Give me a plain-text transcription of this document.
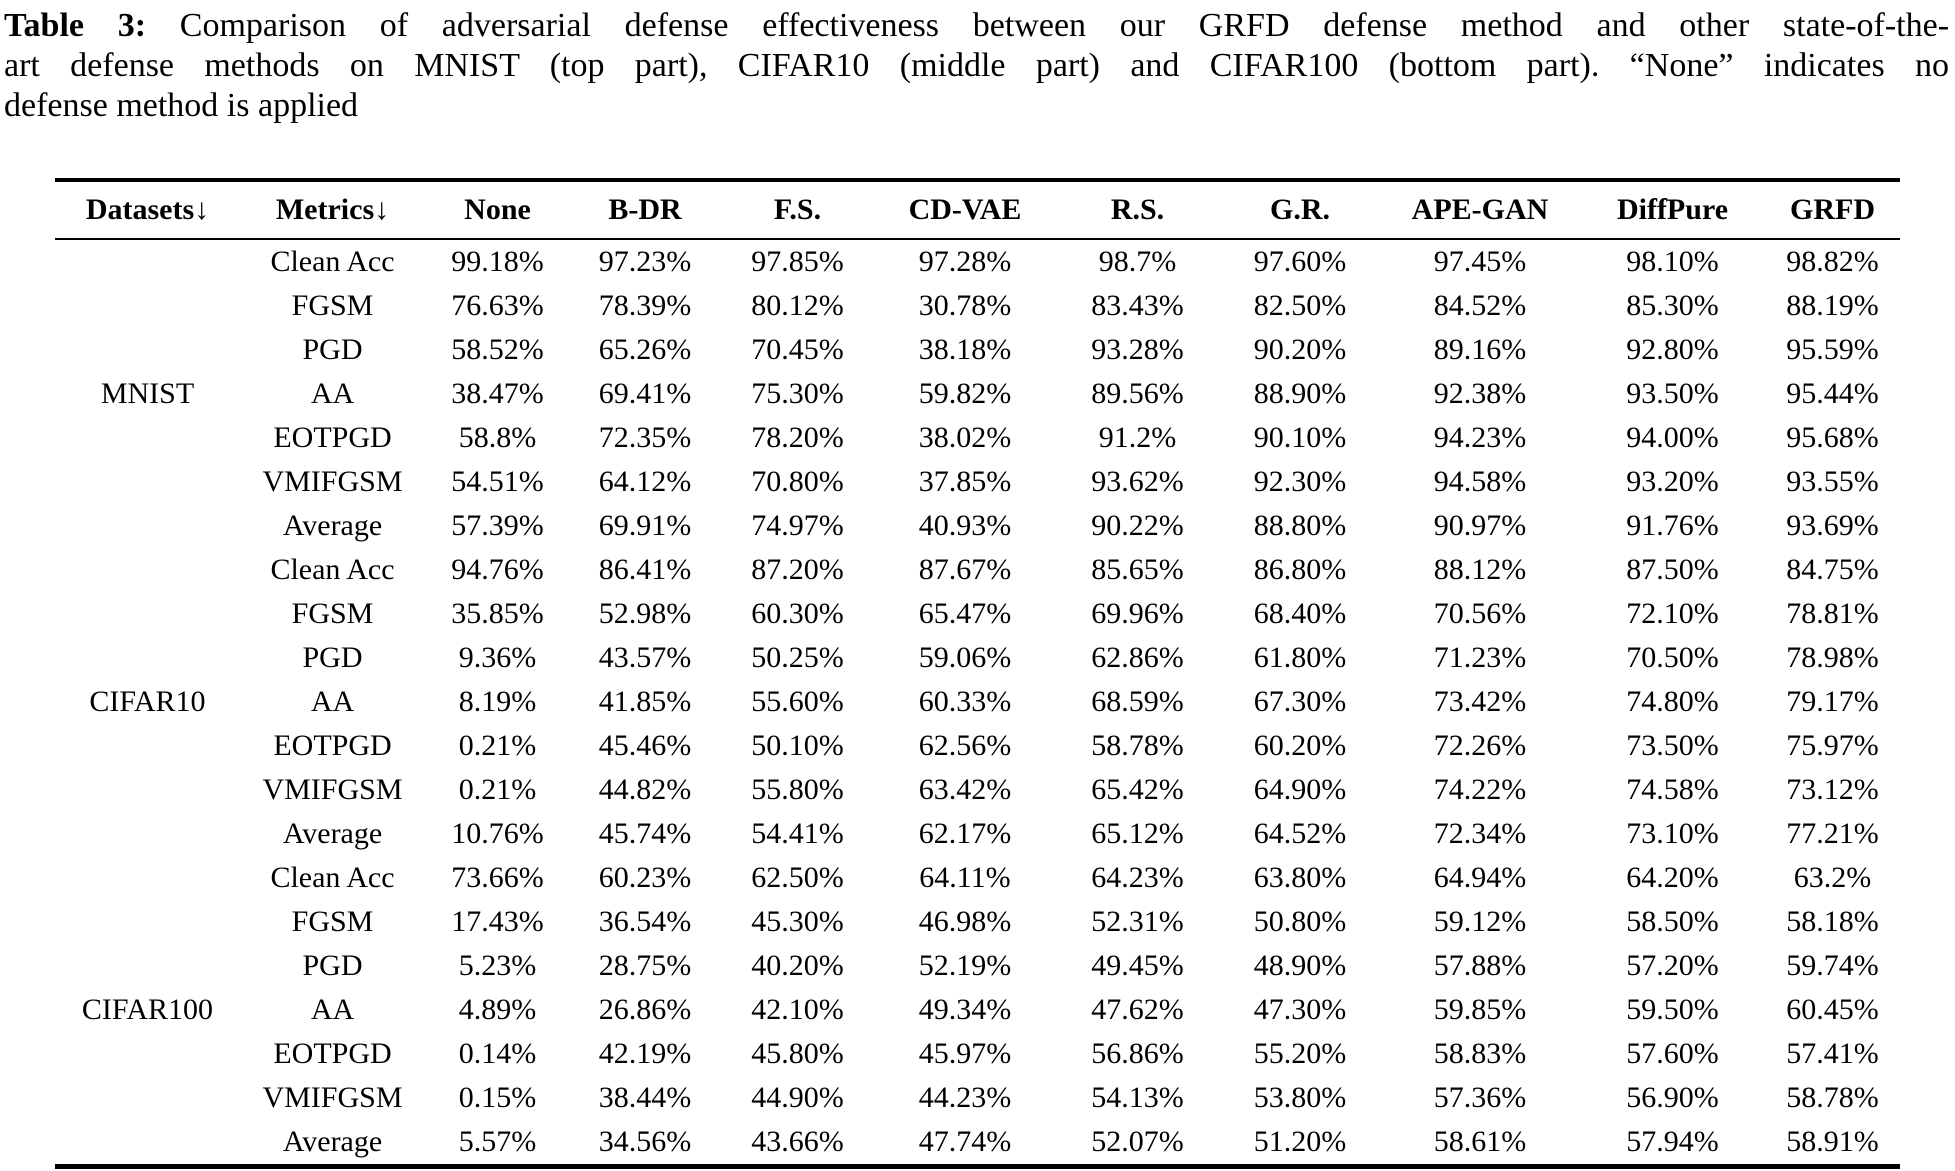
Table 3: Comparison of adversarial defense effectiveness between our GRFD defense method and other state-of-the-
art defense methods on MNIST (top part), CIFAR10 (middle part) and CIFAR100 (bottom part). “None” indicates no
defense method is applied

Datasets↓	Metrics↓	None	B-DR	F.S.	CD-VAE	R.S.	G.R.	APE-GAN	DiffPure	GRFD
MNIST	Clean Acc	99.18%	97.23%	97.85%	97.28%	98.7%	97.60%	97.45%	98.10%	98.82%
	FGSM	76.63%	78.39%	80.12%	30.78%	83.43%	82.50%	84.52%	85.30%	88.19%
	PGD	58.52%	65.26%	70.45%	38.18%	93.28%	90.20%	89.16%	92.80%	95.59%
	AA	38.47%	69.41%	75.30%	59.82%	89.56%	88.90%	92.38%	93.50%	95.44%
	EOTPGD	58.8%	72.35%	78.20%	38.02%	91.2%	90.10%	94.23%	94.00%	95.68%
	VMIFGSM	54.51%	64.12%	70.80%	37.85%	93.62%	92.30%	94.58%	93.20%	93.55%
	Average	57.39%	69.91%	74.97%	40.93%	90.22%	88.80%	90.97%	91.76%	93.69%
CIFAR10	Clean Acc	94.76%	86.41%	87.20%	87.67%	85.65%	86.80%	88.12%	87.50%	84.75%
	FGSM	35.85%	52.98%	60.30%	65.47%	69.96%	68.40%	70.56%	72.10%	78.81%
	PGD	9.36%	43.57%	50.25%	59.06%	62.86%	61.80%	71.23%	70.50%	78.98%
	AA	8.19%	41.85%	55.60%	60.33%	68.59%	67.30%	73.42%	74.80%	79.17%
	EOTPGD	0.21%	45.46%	50.10%	62.56%	58.78%	60.20%	72.26%	73.50%	75.97%
	VMIFGSM	0.21%	44.82%	55.80%	63.42%	65.42%	64.90%	74.22%	74.58%	73.12%
	Average	10.76%	45.74%	54.41%	62.17%	65.12%	64.52%	72.34%	73.10%	77.21%
CIFAR100	Clean Acc	73.66%	60.23%	62.50%	64.11%	64.23%	63.80%	64.94%	64.20%	63.2%
	FGSM	17.43%	36.54%	45.30%	46.98%	52.31%	50.80%	59.12%	58.50%	58.18%
	PGD	5.23%	28.75%	40.20%	52.19%	49.45%	48.90%	57.88%	57.20%	59.74%
	AA	4.89%	26.86%	42.10%	49.34%	47.62%	47.30%	59.85%	59.50%	60.45%
	EOTPGD	0.14%	42.19%	45.80%	45.97%	56.86%	55.20%	58.83%	57.60%	57.41%
	VMIFGSM	0.15%	38.44%	44.90%	44.23%	54.13%	53.80%	57.36%	56.90%	58.78%
	Average	5.57%	34.56%	43.66%	47.74%	52.07%	51.20%	58.61%	57.94%	58.91%
